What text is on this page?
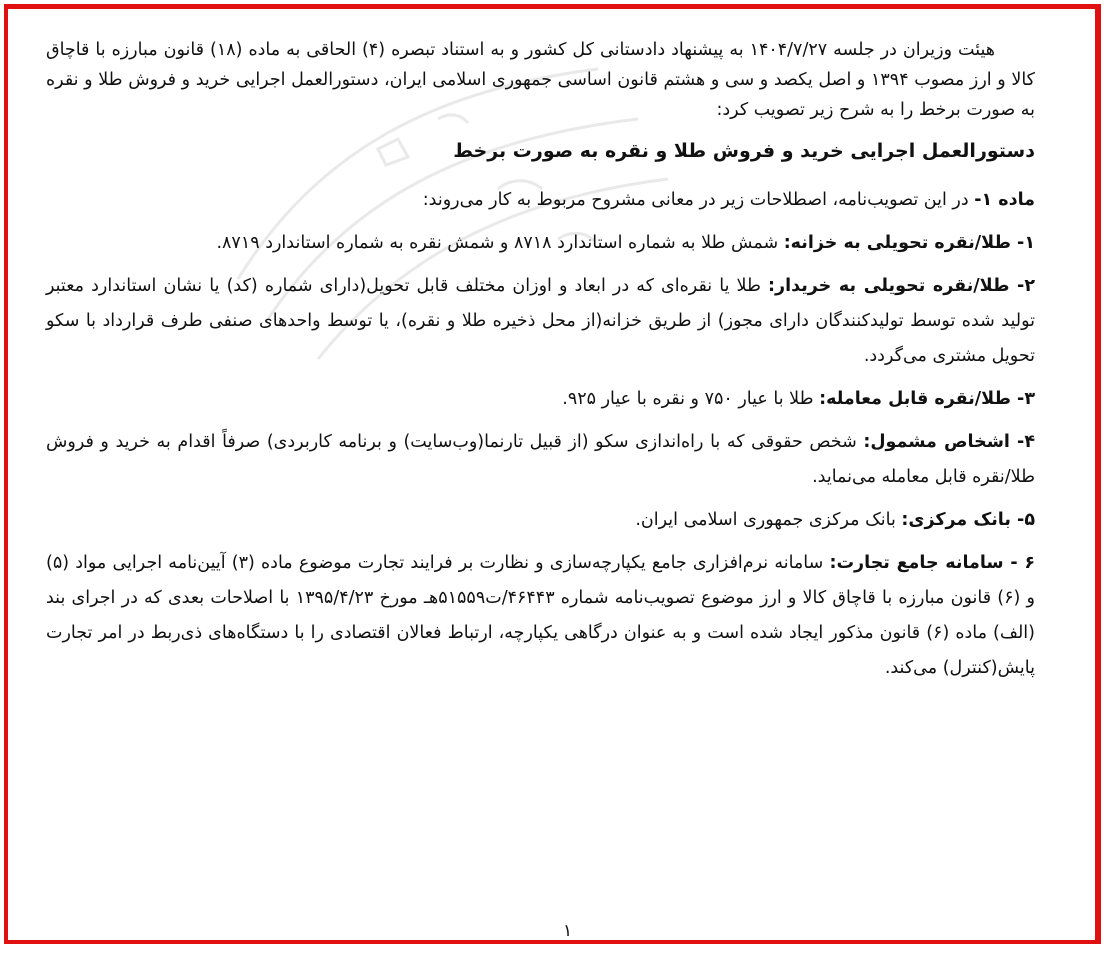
هیئت وزیران در جلسه ۱۴۰۴/۷/۲۷ به پیشنهاد دادستانی کل کشور و به استناد تبصره (۴) الحاقی به ماده (۱۸) قانون مبارزه با قاچاق کالا و ارز مصوب ۱۳۹۴ و اصل یکصد و سی و هشتم قانون اساسی جمهوری اسلامی ایران، دستورالعمل اجرایی خرید و فروش طلا و نقره به صورت برخط را به شرح زیر تصویب کرد:

دستورالعمل اجرایی خرید و فروش طلا و نقره به صورت برخط

ماده ۱- در این تصویب‌نامه، اصطلاحات زیر در معانی مشروح مربوط به کار می‌روند:

۱- طلا/نقره تحویلی به خزانه: شمش طلا به شماره استاندارد ۸۷۱۸ و شمش نقره به شماره استاندارد ۸۷۱۹.

۲- طلا/نقره تحویلی به خریدار: طلا یا نقره‌ای که در ابعاد و اوزان مختلف قابل تحویل(دارای شماره (کد) یا نشان استاندارد معتبر تولید شده توسط تولیدکنندگان دارای مجوز) از طریق خزانه(از محل ذخیره طلا و نقره)، یا توسط واحدهای صنفی طرف قرارداد با سکو تحویل مشتری می‌گردد.

۳- طلا/نقره قابل معامله: طلا با عیار ۷۵۰ و نقره با عیار ۹۲۵.

۴- اشخاص مشمول: شخص حقوقی که با راه‌اندازی سکو (از قبیل تارنما(وب‌سایت) و برنامه کاربردی) صرفاً اقدام به خرید و فروش طلا/نقره قابل معامله می‌نماید.

۵- بانک مرکزی: بانک مرکزی جمهوری اسلامی ایران.

۶ - سامانه جامع تجارت: سامانه نرم‌افزاری جامع یکپارچه‌سازی و نظارت بر فرایند تجارت موضوع ماده (۳) آیین‌نامه اجرایی مواد (۵) و (۶) قانون مبارزه با قاچاق کالا و ارز موضوع تصویب‌نامه شماره ۴۶۴۴۳/ت۵۱۵۵۹هـ مورخ ۱۳۹۵/۴/۲۳ با اصلاحات بعدی که در اجرای بند (الف) ماده (۶) قانون مذکور ایجاد شده است و به عنوان درگاهی یکپارچه، ارتباط فعالان اقتصادی را با دستگاه‌های ذی‌ربط در امر تجارت پایش(کنترل) می‌کند.

۱
